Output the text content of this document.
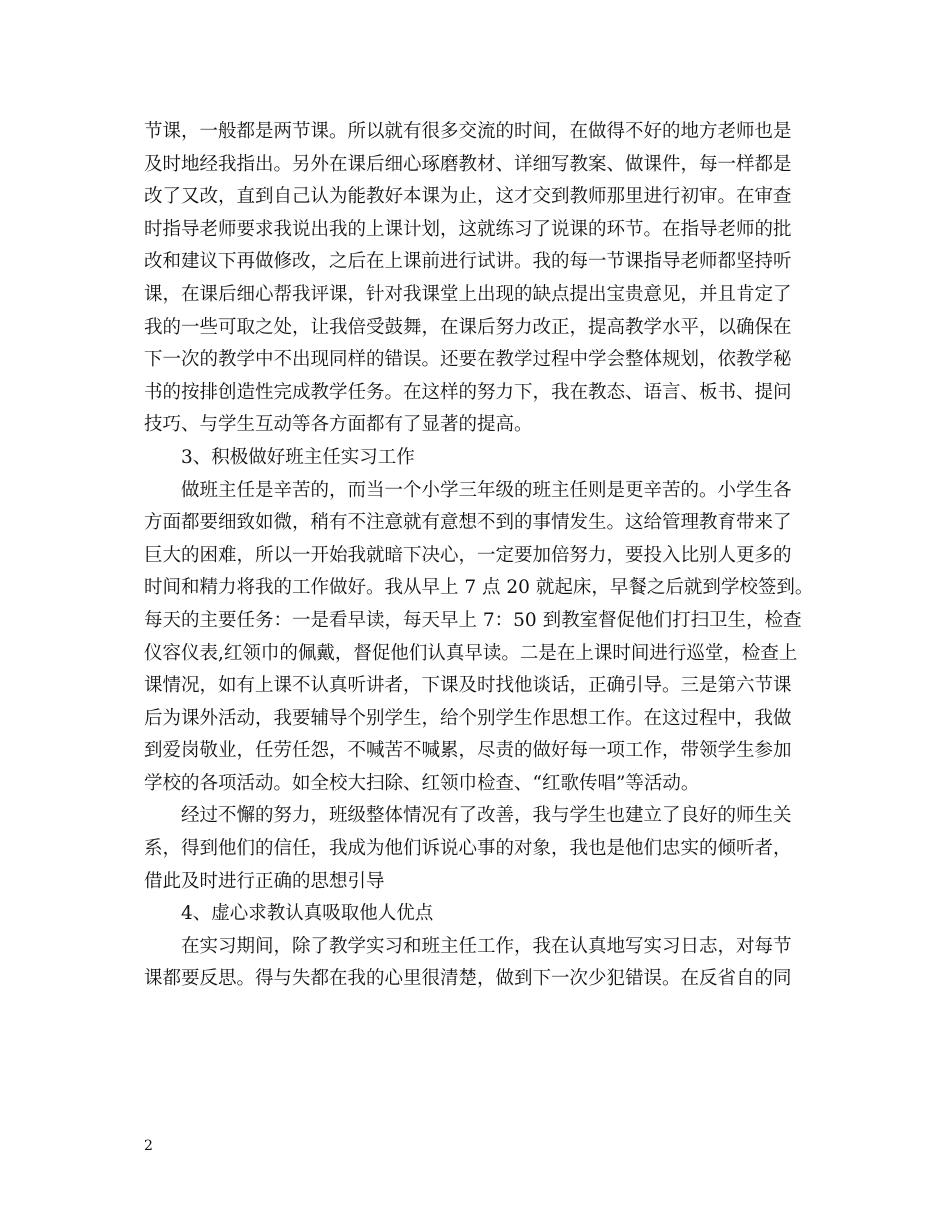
节课，一般都是两节课。所以就有很多交流的时间，在做得不好的地方老师也是
及时地经我指出。另外在课后细心琢磨教材、详细写教案、做课件，每一样都是
改了又改，直到自己认为能教好本课为止，这才交到教师那里进行初审。在审查
时指导老师要求我说出我的上课计划，这就练习了说课的环节。在指导老师的批
改和建议下再做修改，之后在上课前进行试讲。我的每一节课指导老师都坚持听
课，在课后细心帮我评课，针对我课堂上出现的缺点提出宝贵意见，并且肯定了
我的一些可取之处，让我倍受鼓舞，在课后努力改正，提高教学水平，以确保在
下一次的教学中不出现同样的错误。还要在教学过程中学会整体规划，依教学秘
书的按排创造性完成教学任务。在这样的努力下，我在教态、语言、板书、提问
技巧、与学生互动等各方面都有了显著的提高。
3、积极做好班主任实习工作
做班主任是辛苦的，而当一个小学三年级的班主任则是更辛苦的。小学生各
方面都要细致如微，稍有不注意就有意想不到的事情发生。这给管理教育带来了
巨大的困难，所以一开始我就暗下决心，一定要加倍努力，要投入比别人更多的
时间和精力将我的工作做好。我从早上 7 点 20 就起床，早餐之后就到学校签到。
每天的主要任务：一是看早读，每天早上 7：50 到教室督促他们打扫卫生，检查
仪容仪表,红领巾的佩戴，督促他们认真早读。二是在上课时间进行巡堂，检查上
课情况，如有上课不认真听讲者，下课及时找他谈话，正确引导。三是第六节课
后为课外活动，我要辅导个别学生，给个别学生作思想工作。在这过程中，我做
到爱岗敬业，任劳任怨，不喊苦不喊累，尽责的做好每一项工作，带领学生参加
学校的各项活动。如全校大扫除、红领巾检查、“红歌传唱”等活动。
经过不懈的努力，班级整体情况有了改善，我与学生也建立了良好的师生关
系，得到他们的信任，我成为他们诉说心事的对象，我也是他们忠实的倾听者，
借此及时进行正确的思想引导
4、虚心求教认真吸取他人优点
在实习期间，除了教学实习和班主任工作，我在认真地写实习日志，对每节
课都要反思。得与失都在我的心里很清楚，做到下一次少犯错误。在反省自的同
2
